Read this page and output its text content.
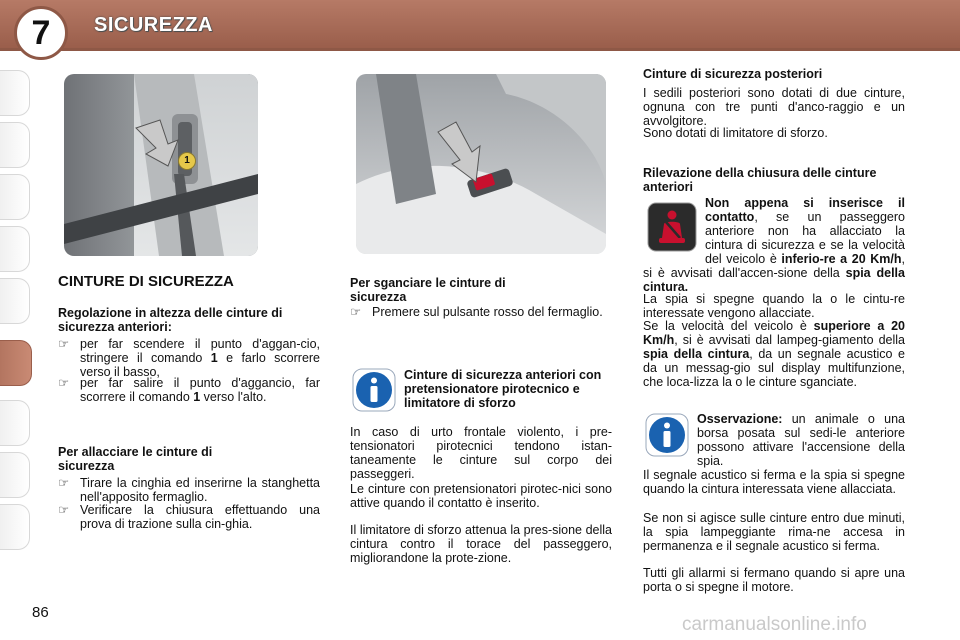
7	SICUREZZA
1
CINTURE DI SICUREZZA
Regolazione in altezza delle cinture di sicurezza anteriori:
☞ per far scendere il punto d'aggan-cio, stringere il comando 1 e farlo scorrere verso il basso,
☞ per far salire il punto d'aggancio, far scorrere il comando 1 verso l'alto.
Per allacciare le cinture di sicurezza
☞ Tirare la cinghia ed inserirne la stanghetta nell'apposito fermaglio.
☞ Verificare la chiusura effettuando una prova di trazione sulla cin-ghia.
Per sganciare le cinture di sicurezza
☞ Premere sul pulsante rosso del fermaglio.
Cinture di sicurezza anteriori con pretensionatore pirotecnico e limitatore di sforzo

In caso di urto frontale violento, i pre-tensionatori pirotecnici tendono istan-taneamente le cinture sul corpo dei passeggeri.

Le cinture con pretensionatori pirotec-nici sono attive quando il contatto è inserito.

Il limitatore di sforzo attenua la pres-sione della cintura contro il torace del passeggero, migliorandone la prote-zione.

Cinture di sicurezza posteriori

I sedili posteriori sono dotati di due cinture, ognuna con tre punti d'anco-raggio e un avvolgitore.

Sono dotati di limitatore di sforzo.

Rilevazione della chiusura delle cinture anteriori

Non appena si inserisce il contatto, se un passeggero anteriore non ha allacciato la cintura di sicurezza e se la velocità del veicolo è inferio-re a 20 Km/h, si è avvisati dall'accen-sione della spia della cintura.

La spia si spegne quando la o le cintu-re interessate vengono allacciate.

Se la velocità del veicolo è superiore a 20 Km/h, si è avvisati dal lampeg-giamento della spia della cintura, da un segnale acustico e da un messag-gio sul display multifunzione, che loca-lizza la o le cinture sganciate.

Osservazione: un animale o una borsa posata sul sedi-le anteriore possono attivare l'accensione della spia.

Il segnale acustico si ferma e la spia si spegne quando la cintura interessata viene allacciata.

Se non si agisce sulle cinture entro due minuti, la spia lampeggiante rima-ne accesa in permanenza e il segnale acustico si ferma.

Tutti gli allarmi si fermano quando si apre una porta o si spegne il motore.

86
carmanualsonline.info
